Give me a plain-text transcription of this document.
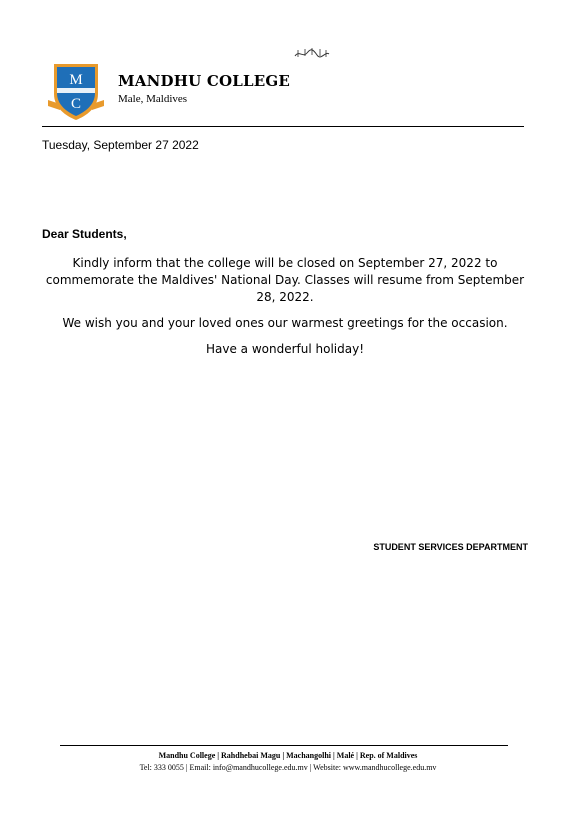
M
C
MANDHU COLLEGE
Male, Maldives
Tuesday, September 27 2022
Dear Students,

Kindly inform that the college will be closed on September 27, 2022 to commemorate the Maldives' National Day. Classes will resume from September 28, 2022.

We wish you and your loved ones our warmest greetings for the occasion.

Have a wonderful holiday!

STUDENT SERVICES DEPARTMENT
Mandhu College | Rahdhebai Magu | Machangolhi | Malé | Rep. of Maldives
Tel: 333 0055 | Email: info@mandhucollege.edu.mv | Website: www.mandhucollege.edu.mv
